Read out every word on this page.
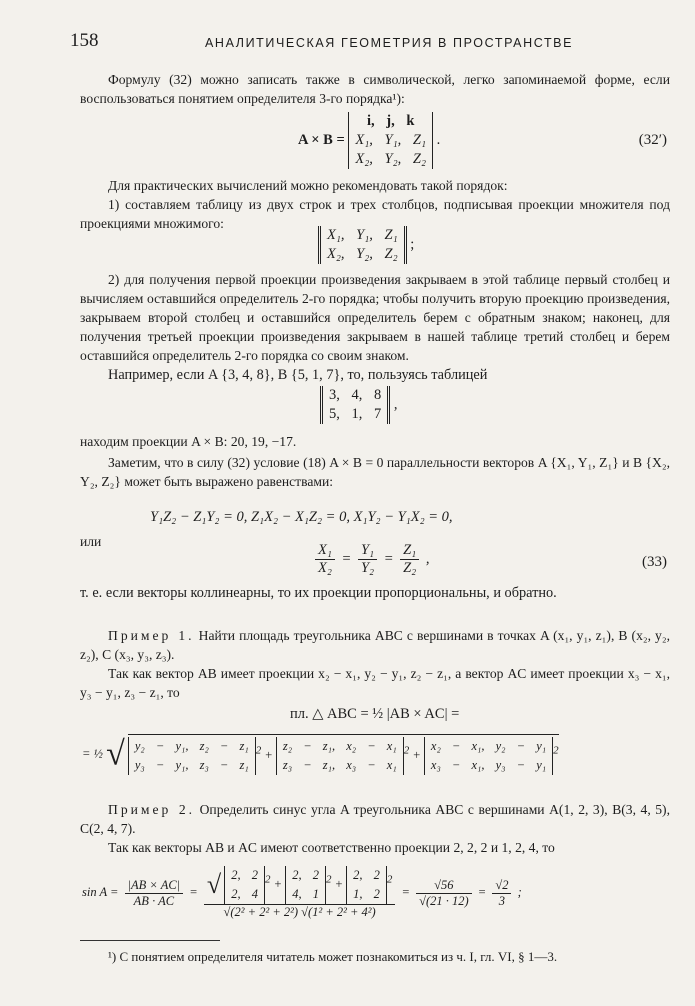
158	АНАЛИТИЧЕСКАЯ ГЕОМЕТРИЯ В ПРОСТРАНСТВЕ
Формулу (32) можно записать также в символической, легко запоминаемой форме, если воспользоваться понятием определителя 3-го порядка¹):
A × B =
i, j, k
X₁, Y₁, Z₁
X₂, Y₂, Z₂
.	(32′)
Для практических вычислений можно рекомендовать такой порядок:
1) составляем таблицу из двух строк и трех столбцов, подписывая проекции множителя под проекциями множимого:
X₁, Y₁, Z₁
X₂, Y₂, Z₂
;
2) для получения первой проекции произведения закрываем в этой таблице первый столбец и вычисляем оставшийся определитель 2-го порядка; чтобы получить вторую проекцию произведения, закрываем второй столбец и оставшийся определитель берем с обратным знаком; наконец, для получения третьей проекции произведения закрываем в нашей таблице третий столбец и берем оставшийся определитель 2-го порядка со своим знаком.
Например, если A {3, 4, 8}, B {5, 1, 7}, то, пользуясь таблицей
3, 4, 8
5, 1, 7
,
находим проекции A × B: 20, 19, −17.
Заметим, что в силу (32) условие (18) A × B = 0 параллельности векторов A {X₁, Y₁, Z₁} и B {X₂, Y₂, Z₂} может быть выражено равенствами:
Y₁Z₂ − Z₁Y₂ = 0, Z₁X₂ − X₁Z₂ = 0, X₁Y₂ − Y₁X₂ = 0,
или
$\frac{\text{X₁}}{\text{X₂}} = \frac{\text{Y₁}}{\text{Y₂}} = \frac{\text{Z₁}}{\text{Z₂}}$ ,	(33)
т. е. если векторы коллинеарны, то их проекции пропорциональны, и обратно.
Пример 1. Найти площадь треугольника ABC с вершинами в точках A (x₁, y₁, z₁), B (x₂, y₂, z₂), C (x₃, y₃, z₃).
Так как вектор AB имеет проекции x₂ − x₁, y₂ − y₁, z₂ − z₁, а вектор AC имеет проекции x₃ − x₁, y₃ − y₁, z₃ − z₁, то
пл. △ ABC = ½ |AB × AC| =
= ½ √ y₂ − y₁, z₂ − z₁
y₃ − y₁, z₃ − z₁
$^2$ +
z₂ − z₁, x₂ − x₁
z₃ − z₁, x₃ − x₁
$^2$ +
x₂ − x₁, y₂ − y₁
x₃ − x₁, y₃ − y₁
$^2$
Пример 2. Определить синус угла A треугольника ABC с вершинами A(1, 2, 3), B(3, 4, 5), C(2, 4, 7).
Так как векторы AB и AC имеют соответственно проекции 2, 2, 2 и 1, 2, 4, то
$\sin A = \frac{|AB \times AC|}{AB \cdot AC}$ = √ 2, 2
2, 4
$^2$ +
2, 2
4, 1
$^2$ +
2, 2
1, 2
$^2$
√(2² + 2² + 2²) √(1² + 2² + 4²)
= $\frac{√56}{√(21 \cdot 12)} = \frac{√2}{3}$ ;
¹) С понятием определителя читатель может познакомиться из ч. I, гл. VI, § 1—3.
